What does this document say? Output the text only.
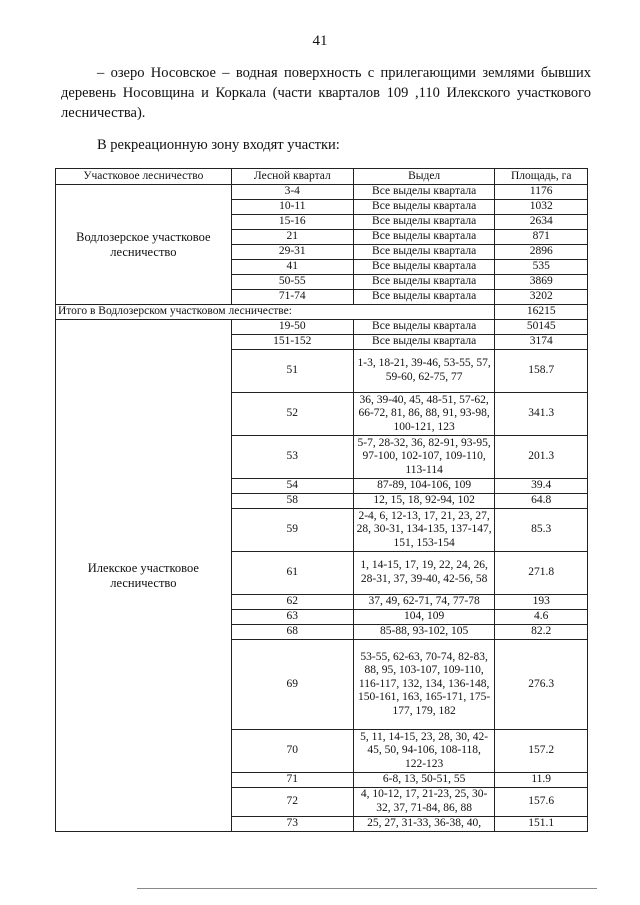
41
– озеро Носовское – водная поверхность с прилегающими землями бывших деревень Носовщина и Коркала (части кварталов 109 ,110 Илекского участкового лесничества).
В рекреационную зону входят участки:
Участковое лесничество	Лесной квартал	Выдел	Площадь, га
Водлозерское участковое лесничество	3-4	Все выделы квартала	1176
	10-11	Все выделы квартала	1032
	15-16	Все выделы квартала	2634
	21	Все выделы квартала	871
	29-31	Все выделы квартала	2896
	41	Все выделы квартала	535
	50-55	Все выделы квартала	3869
	71-74	Все выделы квартала	3202
Итого в Водлозерском участковом лесничестве:			16215
Илекское участковое лесничество	19-50	Все выделы квартала	50145
	151-152	Все выделы квартала	3174
	51	1-3, 18-21, 39-46, 53-55, 57, 59-60, 62-75, 77	158.7
	52	36, 39-40, 45, 48-51, 57-62, 66-72, 81, 86, 88, 91, 93-98, 100-121, 123	341.3
	53	5-7, 28-32, 36, 82-91, 93-95, 97-100, 102-107, 109-110, 113-114	201.3
	54	87-89, 104-106, 109	39.4
	58	12, 15, 18, 92-94, 102	64.8
	59	2-4, 6, 12-13, 17, 21, 23, 27, 28, 30-31, 134-135, 137-147, 151, 153-154	85.3
	61	1, 14-15, 17, 19, 22, 24, 26, 28-31, 37, 39-40, 42-56, 58	271.8
	62	37, 49, 62-71, 74, 77-78	193
	63	104, 109	4.6
	68	85-88, 93-102, 105	82.2
	69	53-55, 62-63, 70-74, 82-83, 88, 95, 103-107, 109-110, 116-117, 132, 134, 136-148, 150-161, 163, 165-171, 175-177, 179, 182	276.3
	70	5, 11, 14-15, 23, 28, 30, 42-45, 50, 94-106, 108-118, 122-123	157.2
	71	6-8, 13, 50-51, 55	11.9
	72	4, 10-12, 17, 21-23, 25, 30-32, 37, 71-84, 86, 88	157.6
	73	25, 27, 31-33, 36-38, 40,	151.1
